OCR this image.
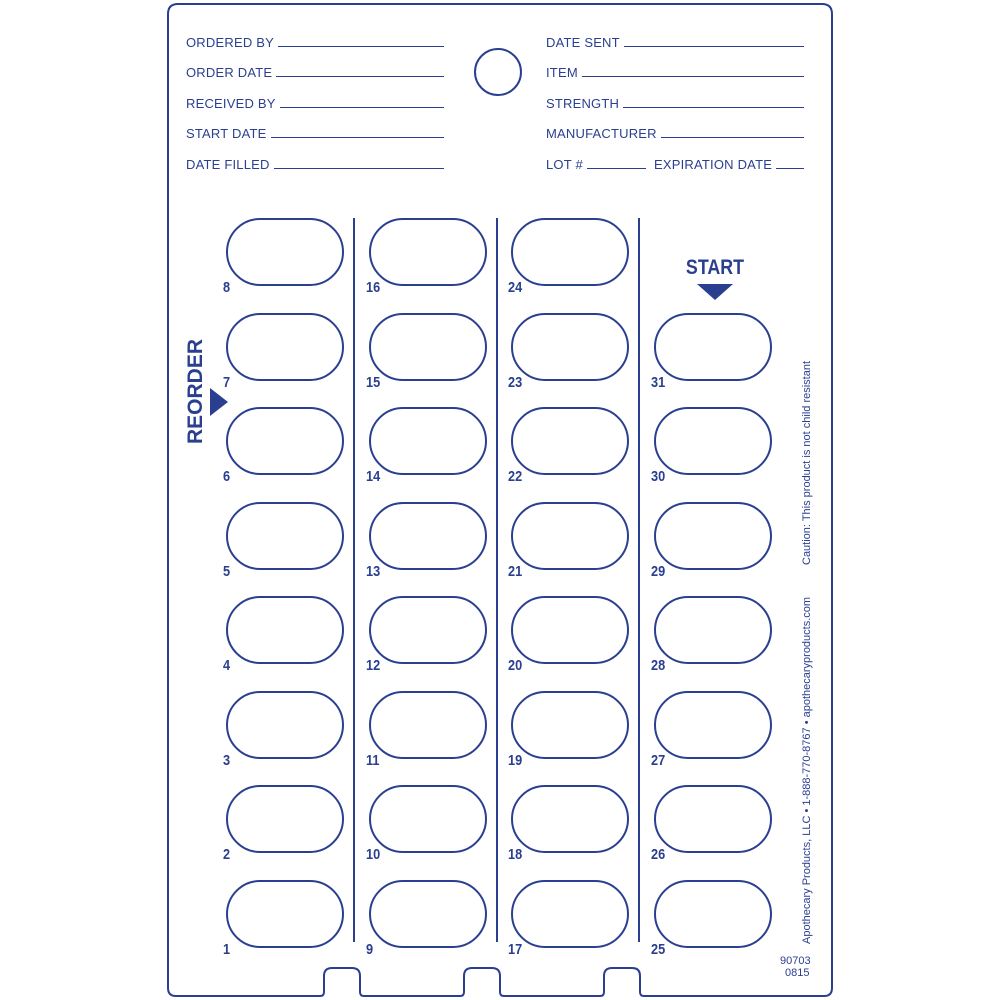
ORDERED BY
ORDER DATE
RECEIVED BY
START DATE
DATE FILLED
DATE SENT
ITEM
STRENGTH
MANUFACTURER
LOT #	EXPIRATION DATE
8
7
6
5
4
3
2
1
16
15
14
13
12
11
10
9
24
23
22
21
20
19
18
17
31
30
29
28
27
26
25
START
REORDER	Caution: This product is not child resistant
Apothecary Products, LLC • 1-888-770-8767 • apothecaryproducts.com
90703
0815
